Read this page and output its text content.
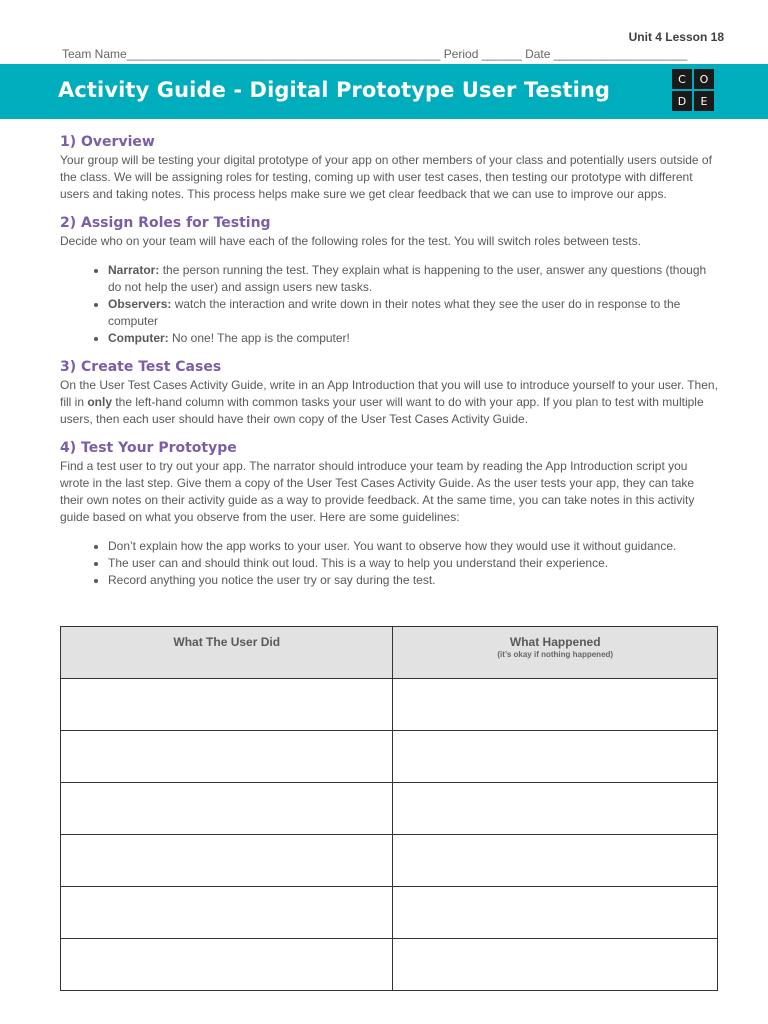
Unit 4 Lesson 18
Team Name_______________________________________________ Period ______ Date ____________________
Activity Guide - Digital Prototype User Testing	C	O
D	E
1) Overview

Your group will be testing your digital prototype of your app on other members of your class and potentially users outside of the class. We will be assigning roles for testing, coming up with user test cases, then testing our prototype with different users and taking notes. This process helps make sure we get clear feedback that we can use to improve our apps.

2) Assign Roles for Testing

Decide who on your team will have each of the following roles for the test. You will switch roles between tests.

• Narrator: the person running the test. They explain what is happening to the user, answer any questions (though do not help the user) and assign users new tasks.
• Observers: watch the interaction and write down in their notes what they see the user do in response to the computer
• Computer: No one! The app is the computer!
3) Create Test Cases

On the User Test Cases Activity Guide, write in an App Introduction that you will use to introduce yourself to your user. Then, fill in only the left-hand column with common tasks your user will want to do with your app. If you plan to test with multiple users, then each user should have their own copy of the User Test Cases Activity Guide.

4) Test Your Prototype

Find a test user to try out your app. The narrator should introduce your team by reading the App Introduction script you wrote in the last step. Give them a copy of the User Test Cases Activity Guide. As the user tests your app, they can take their own notes on their activity guide as a way to provide feedback. At the same time, you can take notes in this activity guide based on what you observe from the user. Here are some guidelines:

• Don’t explain how the app works to your user. You want to observe how they would use it without guidance.
• The user can and should think out loud. This is a way to help you understand their experience.
• Record anything you notice the user try or say during the test.
What The User Did	What Happened
(it’s okay if nothing happened)
